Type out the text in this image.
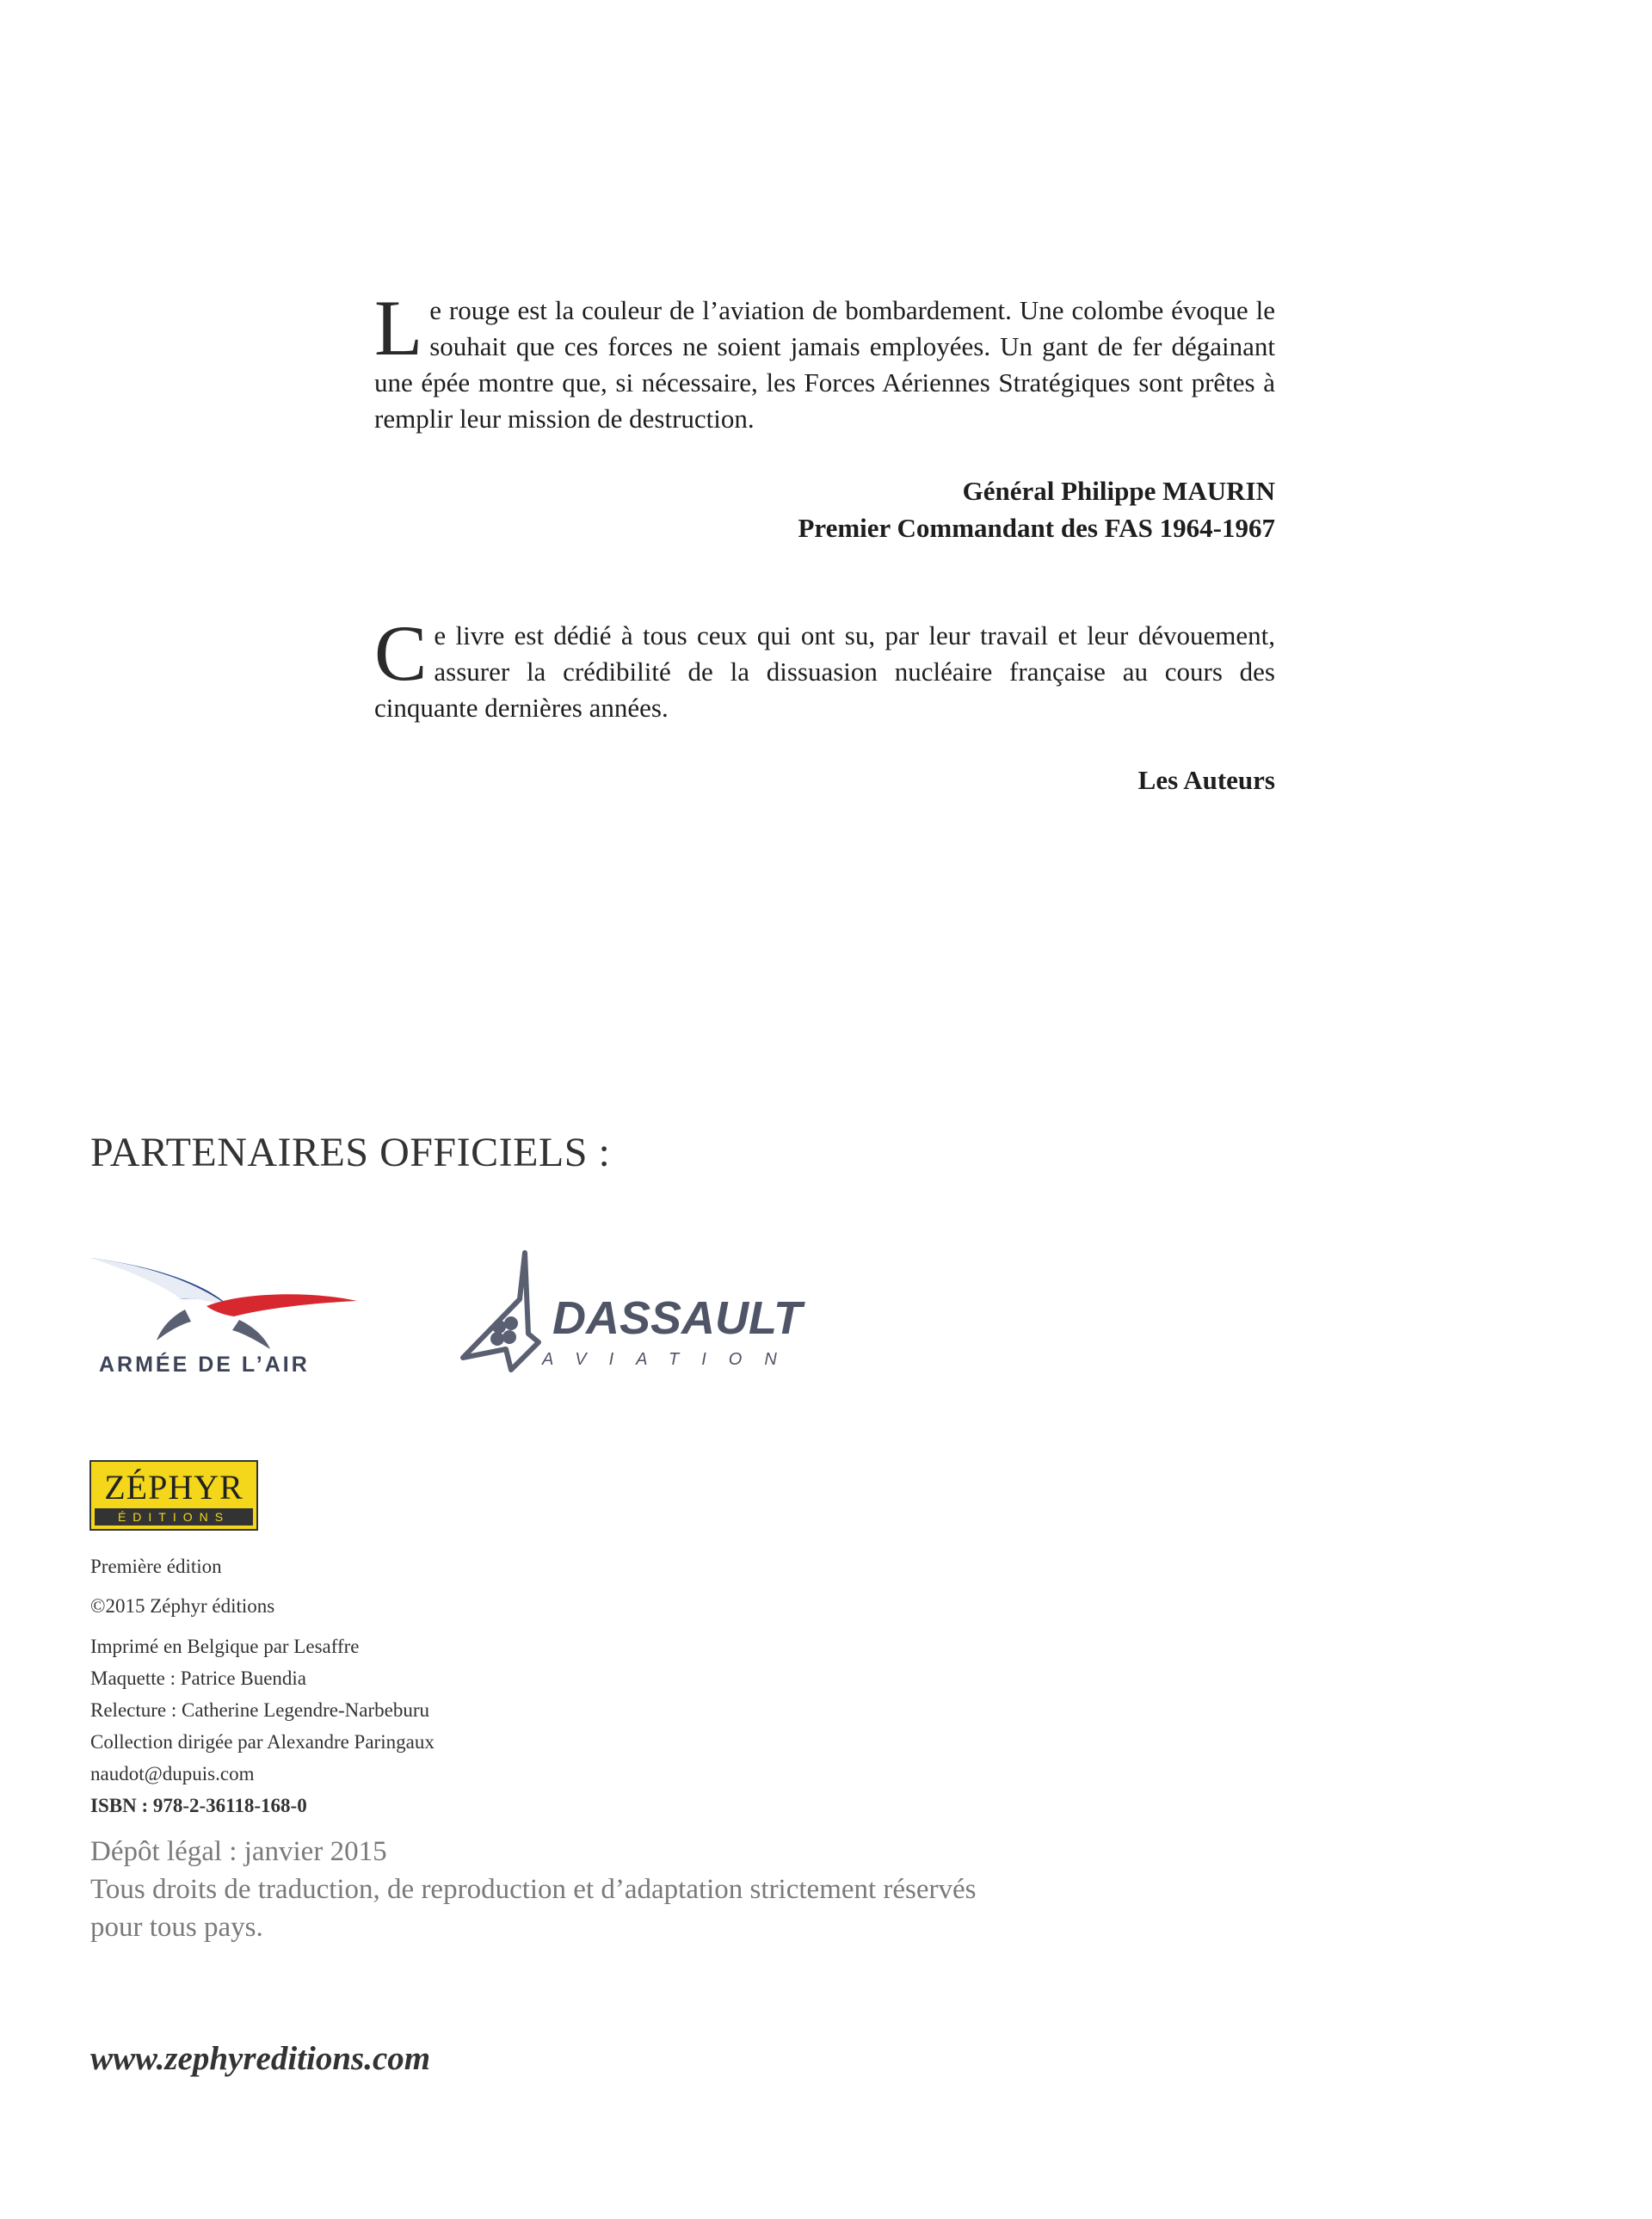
Le rouge est la couleur de l’aviation de bombardement. Une colombe évoque le souhait que ces forces ne soient jamais employées. Un gant de fer dégainant une épée montre que, si nécessaire, les Forces Aériennes Stratégiques sont prêtes à remplir leur mission de destruction.

Général Philippe MAURIN

Premier Commandant des FAS 1964-1967

Ce livre est dédié à tous ceux qui ont su, par leur travail et leur dévouement, assurer la crédibilité de la dissuasion nucléaire française au cours des cinquante dernières années.

Les Auteurs

PARTENAIRES OFFICIELS :

ARMÉE DE L’AIR

DASSAULT
AVIATION

ZÉPHYR

ÉDITIONS

Première édition

©2015 Zéphyr éditions

Imprimé en Belgique par Lesaffre

Maquette : Patrice Buendia

Relecture : Catherine Legendre-Narbeburu

Collection dirigée par Alexandre Paringaux

naudot@dupuis.com

ISBN : 978-2-36118-168-0

Dépôt légal : janvier 2015
Tous droits de traduction, de reproduction et d’adaptation strictement réservés pour tous pays.

www.zephyreditions.com
